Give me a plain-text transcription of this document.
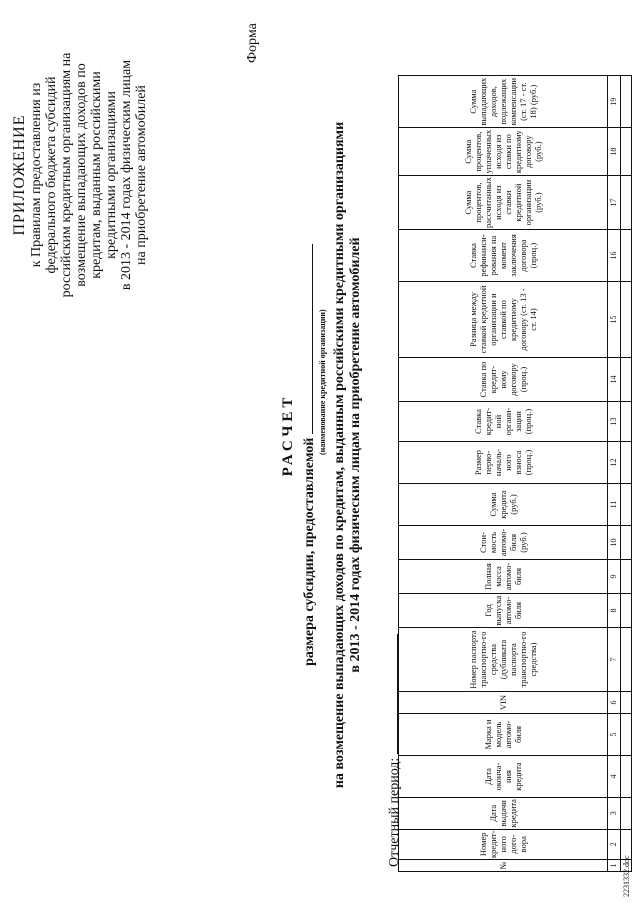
ПРИЛОЖЕНИЕ к Правилам предоставления из федерального бюджета субсидий российским кредитным организациям на возмещение выпадающих доходов по кредитам, выданным российскими кредитными организациями в 2013 - 2014 годах физическим лицам на приобретение автомобилей
Форма
РАСЧЕТ
размера субсидии, предоставляемой
(наименование кредитной организации) на возмещение выпадающих доходов по кредитам, выданным российскими кредитными организациями в 2013 - 2014 годах физическим лицам на приобретение автомобилей
Отчетный период:	№	Номер кредит-ного дого-вора	Дата выдачи кредита	Дата оконча-ния кредита	Марка и модель автомо-биля	VIN	Номер паспорта транспортно-го средства (дубликата паспорта транспортно-го средства)	Год выпуска автомо-биля	Полная масса автомо-биля	Стои-мость автомо-биля (руб.)	Сумма кредита (руб.)	Размер перво-началь-ного взноса (проц.)	Ставка кредит-ной органи-зации (проц.)	Ставка по кредит-ному договору (проц.)	Разница между ставкой кредитной организации и ставкой по кредитному договору (ст. 13 - ст. 14)	Ставка рефинанси-рования на момент заключения договора (проц.)	Сумма процентов, рассчитанных исходя из ставки кредитной организации (руб.)	Сумма процентов, уплаченных исходя из ставки по кредитному договору (руб.)	Сумма выпадающих доходов, подлежащих компенсации (ст. 17 - ст. 18) (руб.)
1	2	3	4	5	6	7	8	9	10	11	12	13	14	15	16	17	18	19

2231332.doc
